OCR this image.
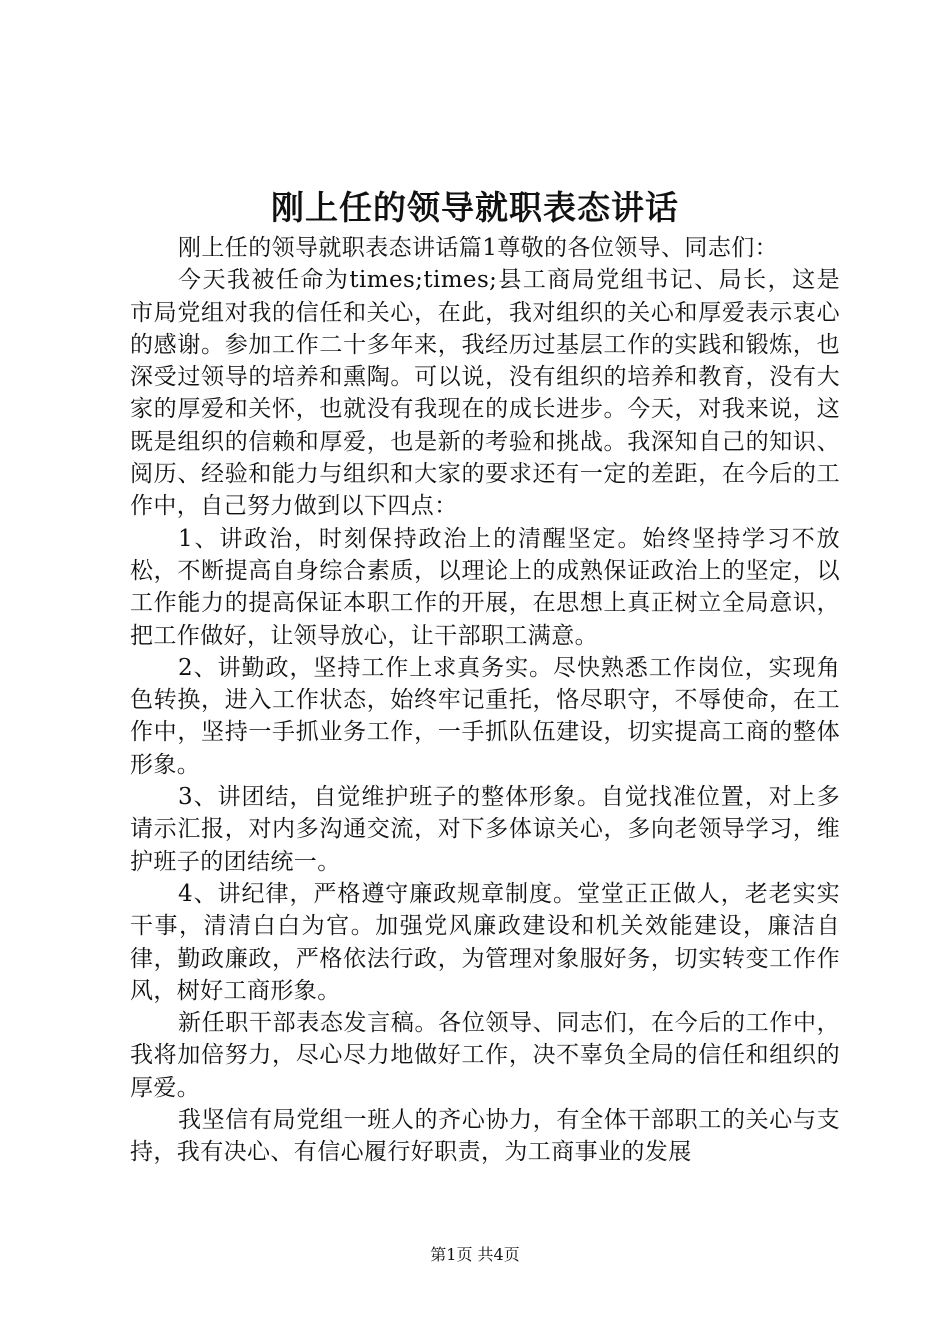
刚上任的领导就职表态讲话

刚上任的领导就职表态讲话篇1尊敬的各位领导、同志们：

今天我被任命为times;times;县工商局党组书记、局长，这是市局党组对我的信任和关心，在此，我对组织的关心和厚爱表示衷心的感谢。参加工作二十多年来，我经历过基层工作的实践和锻炼，也深受过领导的培养和熏陶。可以说，没有组织的培养和教育，没有大家的厚爱和关怀，也就没有我现在的成长进步。今天，对我来说，这既是组织的信赖和厚爱，也是新的考验和挑战。我深知自己的知识、阅历、经验和能力与组织和大家的要求还有一定的差距，在今后的工作中，自己努力做到以下四点：

1、讲政治，时刻保持政治上的清醒坚定。始终坚持学习不放松，不断提高自身综合素质，以理论上的成熟保证政治上的坚定，以工作能力的提高保证本职工作的开展，在思想上真正树立全局意识，把工作做好，让领导放心，让干部职工满意。

2、讲勤政，坚持工作上求真务实。尽快熟悉工作岗位，实现角色转换，进入工作状态，始终牢记重托，恪尽职守，不辱使命，在工作中，坚持一手抓业务工作，一手抓队伍建设，切实提高工商的整体形象。

3、讲团结，自觉维护班子的整体形象。自觉找准位置，对上多请示汇报，对内多沟通交流，对下多体谅关心，多向老领导学习，维护班子的团结统一。

4、讲纪律，严格遵守廉政规章制度。堂堂正正做人，老老实实干事，清清白白为官。加强党风廉政建设和机关效能建设，廉洁自律，勤政廉政，严格依法行政，为管理对象服好务，切实转变工作作风，树好工商形象。

新任职干部表态发言稿。各位领导、同志们，在今后的工作中，我将加倍努力，尽心尽力地做好工作，决不辜负全局的信任和组织的厚爱。

我坚信有局党组一班人的齐心协力，有全体干部职工的关心与支持，我有决心、有信心履行好职责，为工商事业的发展

第1页 共4页
